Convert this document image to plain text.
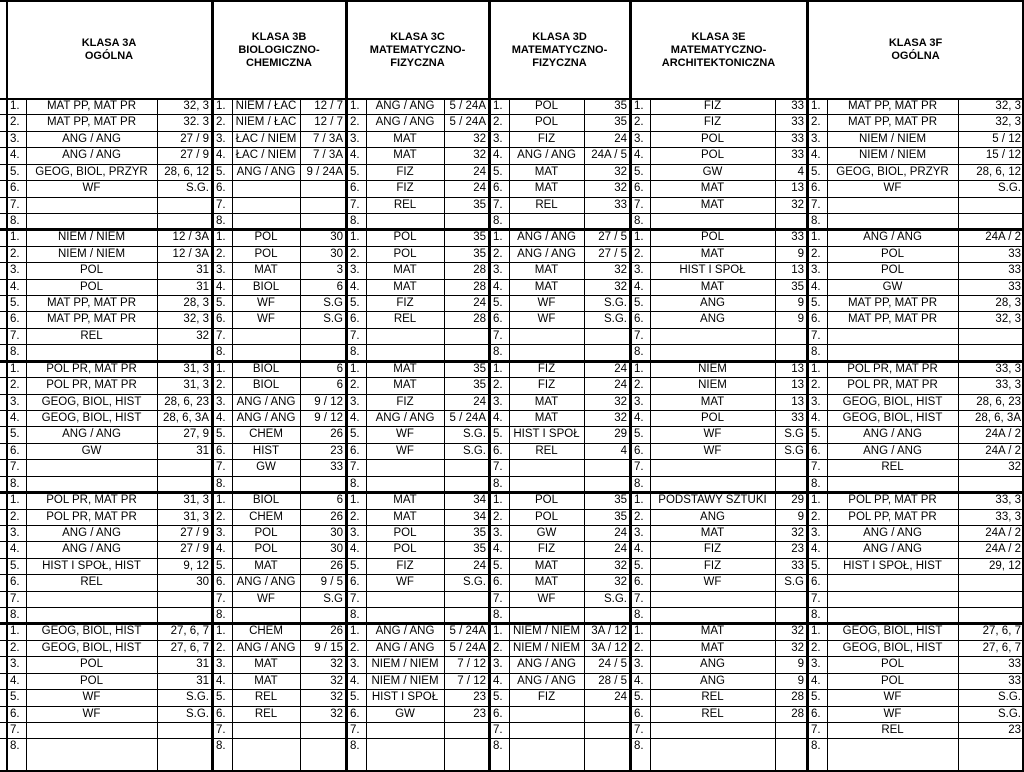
KLASA 3A
OGÓLNA
KLASA 3B
BIOLOGICZNO-
CHEMICZNA
KLASA 3C
MATEMATYCZNO-
FIZYCZNA
KLASA 3D
MATEMATYCZNO-
FIZYCZNA
KLASA 3E
MATEMATYCZNO-
ARCHITEKTONICZNA
KLASA 3F
OGÓLNA
1.	MAT PP, MAT PR	32, 3
2.	MAT PP, MAT PR	32. 3
3.	ANG / ANG	27 / 9
4.	ANG / ANG	27 / 9
5.	GEOG, BIOL, PRZYR	28, 6, 12
6.	WF	S.G.
7.
8.
1.	NIEM / NIEM	12 / 3A
2.	NIEM / NIEM	12 / 3A
3.	POL	31
4.	POL	31
5.	MAT PP, MAT PR	28, 3
6.	MAT PP, MAT PR	32, 3
7.	REL	32
8.
1.	POL PR, MAT PR	31, 3
2.	POL PR, MAT PR	31, 3
3.	GEOG, BIOL, HIST	28, 6, 23
4.	GEOG, BIOL, HIST	28, 6, 3A
5.	ANG / ANG	27, 9
6.	GW	31
7.
8.
1.	POL PR, MAT PR	31, 3
2.	POL PR, MAT PR	31, 3
3.	ANG / ANG	27 / 9
4.	ANG / ANG	27 / 9
5.	HIST I SPOŁ, HIST	9, 12
6.	REL	30
7.
8.
1.	GEOG, BIOL, HIST	27, 6, 7
2.	GEOG, BIOL, HIST	27, 6, 7
3.	POL	31
4.	POL	31
5.	WF	S.G.
6.	WF	S.G.
7.
8.
1. NIEM / ŁAC	12 / 7
2. NIEM / ŁAC	12 / 7
3. ŁAC / NIEM	7 / 3A
4. ŁAC / NIEM	7 / 3A
5. ANG / ANG 9 / 24A
6.
7.
8.
1.	POL	30
2.	POL	30
3.	MAT	3
4.	BIOL	6
5.	WF	S.G
6.	WF	S.G
7.
8.
1.	BIOL	6
2.	BIOL	6
3. ANG / ANG	9 / 12
4. ANG / ANG	9 / 12
5.	CHEM	26
6.	HIST	23
7.	GW	33
8.
1.	BIOL	6
2.	CHEM	26
3.	POL	30
4.	POL	30
5.	MAT	26
6. ANG / ANG	9 / 5
7.	WF	S.G
8.
1.	CHEM	26
2. ANG / ANG	9 / 15
3.	MAT	32
4.	MAT	32
5.	REL	32
6.	REL	32
7.
8.
1.	ANG / ANG	5 / 24A
2.	ANG / ANG	5 / 24A
3.	MAT	32
4.	MAT	32
5.	FIZ	24
6.	FIZ	24
7.	REL	35
8.
1.	POL	35
2.	POL	35
3.	MAT	28
4.	MAT	28
5.	FIZ	24
6.	REL	28
7.
8.
1.	MAT	35
2.	MAT	35
3.	FIZ	24
4.	ANG / ANG	5 / 24A
5.	WF	S.G.
6.	WF	S.G.
7.
8.
1.	MAT	34
2.	MAT	34
3.	POL	35
4.	POL	35
5.	FIZ	24
6.	WF	S.G.
7.
8.
1.	ANG / ANG	5 / 24A
2.	ANG / ANG	5 / 24A
3.	NIEM / NIEM	7 / 12
4.	NIEM / NIEM	7 / 12
5.	HIST I SPOŁ	23
6.	GW	23
7.
8.
1.	POL	35
2.	POL	35
3.	FIZ	24
4.	ANG / ANG	24A / 5
5.	MAT	32
6.	MAT	32
7.	REL	33
8.
1.	ANG / ANG	27 / 5
2.	ANG / ANG	27 / 5
3.	MAT	32
4.	MAT	32
5.	WF	S.G.
6.	WF	S.G.
7.
8.
1.	FIZ	24
2.	FIZ	24
3.	MAT	32
4.	MAT	32
5. HIST I SPOŁ	29
6.	REL	4
7.
8.
1.	POL	35
2.	POL	35
3.	GW	24
4.	FIZ	24
5.	MAT	32
6.	MAT	32
7.	WF	S.G.
8.
1. NIEM / NIEM 3A / 12
2. NIEM / NIEM 3A / 12
3.	ANG / ANG	24 / 5
4.	ANG / ANG	28 / 5
5.	FIZ	24
6.
7.
8.
1.	FIZ	33
2.	FIZ	33
3.	POL	33
4.	POL	33
5.	GW	4
6.	MAT	13
7.	MAT	32
8.
1.	POL	33
2.	MAT	9
3.	HIST I SPOŁ	13
4.	MAT	35
5.	ANG	9
6.	ANG	9
7.
8.
1.	NIEM	13
2.	NIEM	13
3.	MAT	13
4.	POL	33
5.	WF	S.G
6.	WF	S.G
7.
8.
1.	PODSTAWY SZTUKI	29
2.	ANG	9
3.	MAT	32
4.	FIZ	23
5.	FIZ	33
6.	WF	S.G
7.
8.
1.	MAT	32
2.	MAT	32
3.	ANG	9
4.	ANG	9
5.	REL	28
6.	REL	28
7.
8.
1.	MAT PP, MAT PR	32, 3
2.	MAT PP, MAT PR	32, 3
3.	NIEM / NIEM	5 / 12
4.	NIEM / NIEM	15 / 12
5.	GEOG, BIOL, PRZYR	28, 6, 12
6.	WF	S.G.
7.
8.
1.	ANG / ANG	24A / 2
2.	POL	33
3.	POL	33
4.	GW	33
5.	MAT PP, MAT PR	28, 3
6.	MAT PP, MAT PR	32, 3
7.
8.
1.	POL PR, MAT PR	33, 3
2.	POL PR, MAT PR	33, 3
3.	GEOG, BIOL, HIST	28, 6, 23
4.	GEOG, BIOL, HIST	28, 6, 3A
5.	ANG / ANG	24A / 2
6.	ANG / ANG	24A / 2
7.	REL	32
8.
1.	POL PP, MAT PR	33, 3
2.	POL PP, MAT PR	33, 3
3.	ANG / ANG	24A / 2
4.	ANG / ANG	24A / 2
5.	HIST I SPOŁ, HIST	29, 12
6.
7.
8.
1.	GEOG, BIOL, HIST	27, 6, 7
2.	GEOG, BIOL, HIST	27, 6, 7
3.	POL	33
4.	POL	33
5.	WF	S.G.
6.	WF	S.G.
7.	REL	23
8.
